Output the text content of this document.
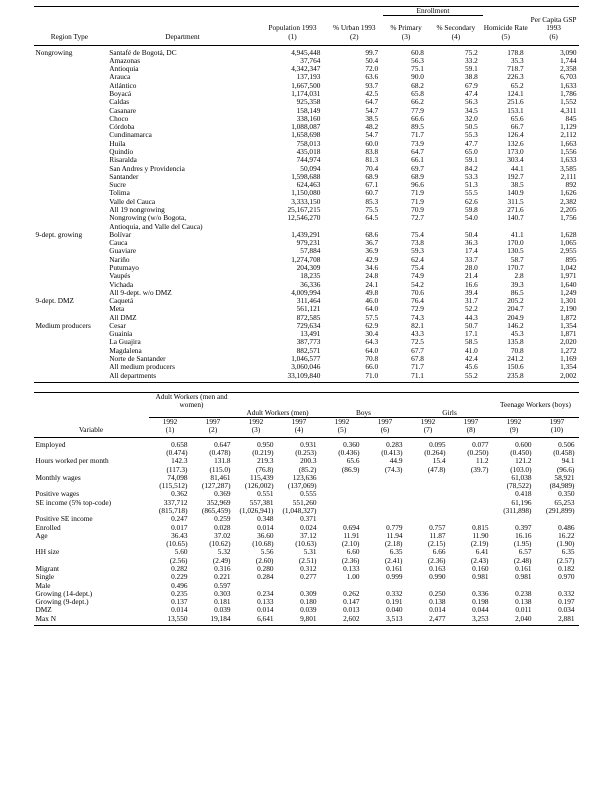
				Enrollment			
		Population 1993	% Urban 1993	% Primary	% Secondary	Homicide Rate	Per Capita GSP 1993
Region Type	Department	(1)	(2)	(3)	(4)	(5)	(6)

Nongrowing	Santafé de Bogotá, DC	4,945,448	99.7	60.8	75.2	178.8	3,090
	Amazonas	37,764	50.4	56.3	33.2	35.3	1,744
	Antioquia	4,342,347	72.0	75.1	59.1	718.7	2,358
	Arauca	137,193	63.6	90.0	38.8	226.3	6,703
	Atlántico	1,667,500	93.7	68.2	67.9	65.2	1,633
	Boyacá	1,174,031	42.5	65.8	47.4	124.1	1,786
	Caldas	925,358	64.7	66.2	56.3	251.6	1,552
	Casanare	158,149	54.7	77.9	34.5	153.1	4,311
	Choco	338,160	38.5	66.6	32.0	65.6	845
	Córdoba	1,088,087	48.2	89.5	50.5	66.7	1,129
	Cundinamarca	1,658,698	54.7	71.7	55.3	126.4	2,112
	Huila	758,013	60.0	73.9	47.7	132.6	1,663
	Quindío	435,018	83.8	64.7	65.0	173.0	1,556
	Risaralda	744,974	81.3	66.1	59.1	303.4	1,633
	San Andres y Providencia	50,094	70.4	69.7	84.2	44.1	3,585
	Santander	1,598,688	68.9	68.9	53.3	192.7	2,111
	Sucre	624,463	67.1	96.6	51.3	38.5	892
	Tolima	1,150,080	60.7	71.9	55.5	140.9	1,626
	Valle del Cauca	3,333,150	85.3	71.9	62.6	311.5	2,382
	All 19 nongrowing	25,167,215	75.5	70.9	59.8	271.6	2,205
	Nongrowing (w/o Bogota,	12,546,270	64.5	72.7	54.0	140.7	1,756
	Antioquia, and Valle del Cauca)						
9-dept. growing	Bolívar	1,439,291	68.6	75.4	50.4	41.1	1,628
	Cauca	979,231	36.7	73.8	36.3	170.0	1,065
	Guaviare	57,884	36.9	59.3	17.4	130.5	2,955
	Nariño	1,274,708	42.9	62.4	33.7	58.7	895
	Putumayo	204,309	34.6	75.4	28.0	170.7	1,042
	Vaupés	18,235	24.8	74.9	21.4	2.8	1,971
	Vichada	36,336	24.1	54.2	16.6	39.3	1,640
	All 9-dept. w/o DMZ	4,009,994	49.8	70.6	39.4	86.5	1,249
9-dept. DMZ	Caquetá	311,464	46.0	76.4	31.7	205.2	1,301
	Meta	561,121	64.0	72.9	52.2	204.7	2,190
	All DMZ	872,585	57.5	74.3	44.3	204.9	1,872
Medium producers	Cesar	729,634	62.9	82.1	50.7	146.2	1,354
	Guainía	13,491	30.4	43.3	17.1	45.3	1,871
	La Guajira	387,773	64.3	72.5	58.5	135.8	2,020
	Magdalena	882,571	64.0	67.7	41.0	70.8	1,272
	Norte de Santander	1,046,577	70.8	67.8	42.4	241.2	1,169
	All medium producers	3,060,046	66.0	71.7	45.6	150.6	1,354
	All departments	33,109,840	71.0	71.1	55.2	235.8	2,002

	Adult Workers (men and women)								Teenage Workers (boys)	
			Adult Workers (men)		Boys		Girls			
	1992	1997	1992	1997	1992	1997	1992	1997	1992	1997
Variable	(1)	(2)	(3)	(4)	(5)	(6)	(7)	(8)	(9)	(10)

Employed	0.658	0.647	0.950	0.931	0.360	0.283	0.095	0.077	0.600	0.506
	(0.474)	(0.478)	(0.219)	(0.253)	(0.436)	(0.413)	(0.264)	(0.250)	(0.450)	(0.458)
Hours worked per month	142.3	131.8	219.3	200.3	65.6	44.9	15.4	11.2	121.2	94.1
	(117.3)	(115.0)	(76.8)	(85.2)	(86.9)	(74.3)	(47.8)	(39.7)	(103.0)	(96.6)
Monthly wages	74,098	81,461	115,439	123,636					61,038	58,921
	(115,512)	(127,287)	(126,002)	(137,069)					(78,522)	(84,989)
Positive wages	0.362	0.369	0.551	0.555					0.418	0.350
SE income (5% top-code)	337,712	352,969	557,381	551,260					61,196	65,253
	(815,718)	(865,459)	(1,026,941)	(1,048,327)					(311,898)	(291,899)
Positive SE income	0.247	0.259	0.348	0.371						
Enrolled	0.017	0.028	0.014	0.024	0.694	0.779	0.757	0.815	0.397	0.486
Age	36.43	37.02	36.60	37.12	11.91	11.94	11.87	11.90	16.16	16.22
	(10.65)	(10.62)	(10.68)	(10.63)	(2.10)	(2.18)	(2.15)	(2.19)	(1.95)	(1.90)
HH size	5.60	5.32	5.56	5.31	6.60	6.35	6.66	6.41	6.57	6.35
	(2.56)	(2.49)	(2.60)	(2.51)	(2.36)	(2.41)	(2.36)	(2.43)	(2.48)	(2.57)
Migrant	0.282	0.316	0.280	0.312	0.133	0.161	0.163	0.160	0.161	0.182
Single	0.229	0.221	0.284	0.277	1.00	0.999	0.990	0.981	0.981	0.970
Male	0.496	0.597								
Growing (14-dept.)	0.235	0.303	0.234	0.309	0.262	0.332	0.250	0.336	0.238	0.332
Growing (9-dept.)	0.137	0.181	0.133	0.180	0.147	0.191	0.138	0.198	0.138	0.197
DMZ	0.014	0.039	0.014	0.039	0.013	0.040	0.014	0.044	0.011	0.034
Max N	13,550	19,184	6,641	9,801	2,602	3,513	2,477	3,253	2,040	2,881
